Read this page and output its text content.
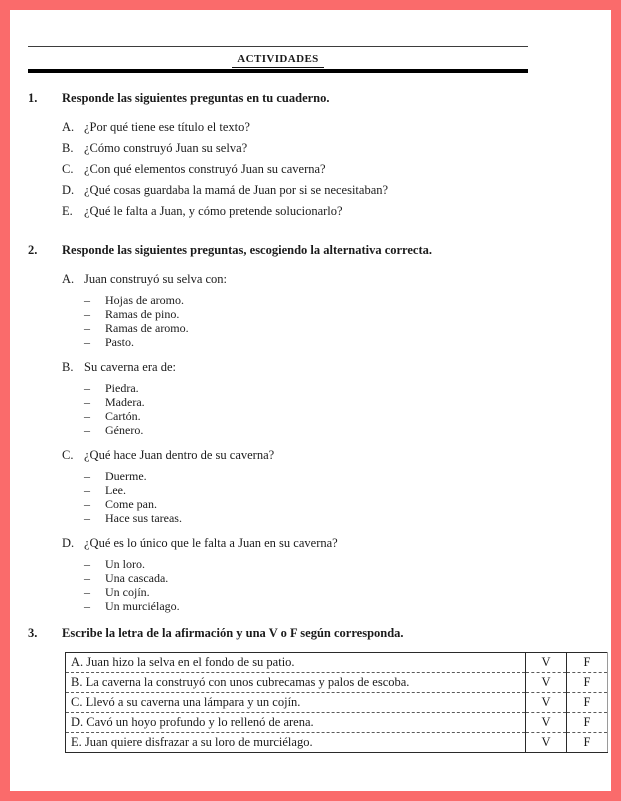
actividades
1.	Responde las siguientes preguntas en tu cuaderno.
A. ¿Por qué tiene ese título el texto?
B. ¿Cómo construyó Juan su selva?
C. ¿Con qué elementos construyó Juan su caverna?
D. ¿Qué cosas guardaba la mamá de Juan por si se necesitaban?
E. ¿Qué le falta a Juan, y cómo pretende solucionarlo?
2.	Responde las siguientes preguntas, escogiendo la alternativa correcta.
A. Juan construyó su selva con:
–	Hojas de aromo.
–	Ramas de pino.
–	Ramas de aromo.
–	Pasto.
B. Su caverna era de:
–	Piedra.
–	Madera.
–	Cartón.
–	Género.
C. ¿Qué hace Juan dentro de su caverna?
–	Duerme.
–	Lee.
–	Come pan.
–	Hace sus tareas.
D. ¿Qué es lo único que le falta a Juan en su caverna?
–	Un loro.
–	Una cascada.
–	Un cojín.
–	Un murciélago.
3.	Escribe la letra de la afirmación y una V o F según corresponda.
A. Juan hizo la selva en el fondo de su patio.	V	F
B. La caverna la construyó con unos cubrecamas y palos de escoba.	V	F
C. Llevó a su caverna una lámpara y un cojín.	V	F
D. Cavó un hoyo profundo y lo rellenó de arena.	V	F
E. Juan quiere disfrazar a su loro de murciélago.	V	F
